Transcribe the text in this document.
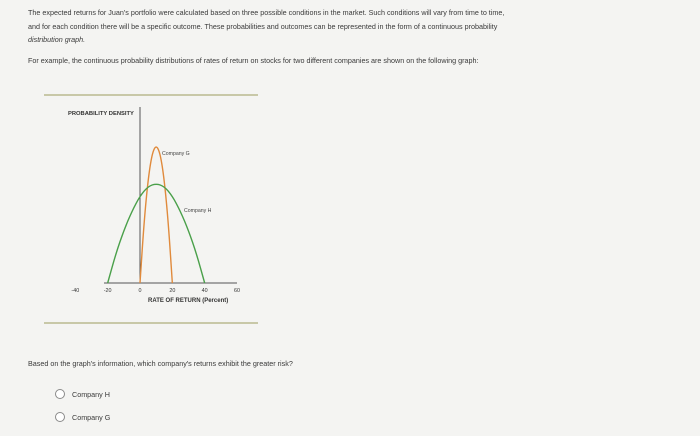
The expected returns for Juan's portfolio were calculated based on three possible conditions in the market. Such conditions will vary from time to time,
and for each condition there will be a specific outcome. These probabilities and outcomes can be represented in the form of a continuous probability
distribution graph.
For example, the continuous probability distributions of rates of return on stocks for two different companies are shown on the following graph:
PROBABILITY DENSITY
-40	-20	0	20	40	60
RATE OF RETURN (Percent)
Company G
Company H
Based on the graph's information, which company's returns exhibit the greater risk?
Company H
Company G
